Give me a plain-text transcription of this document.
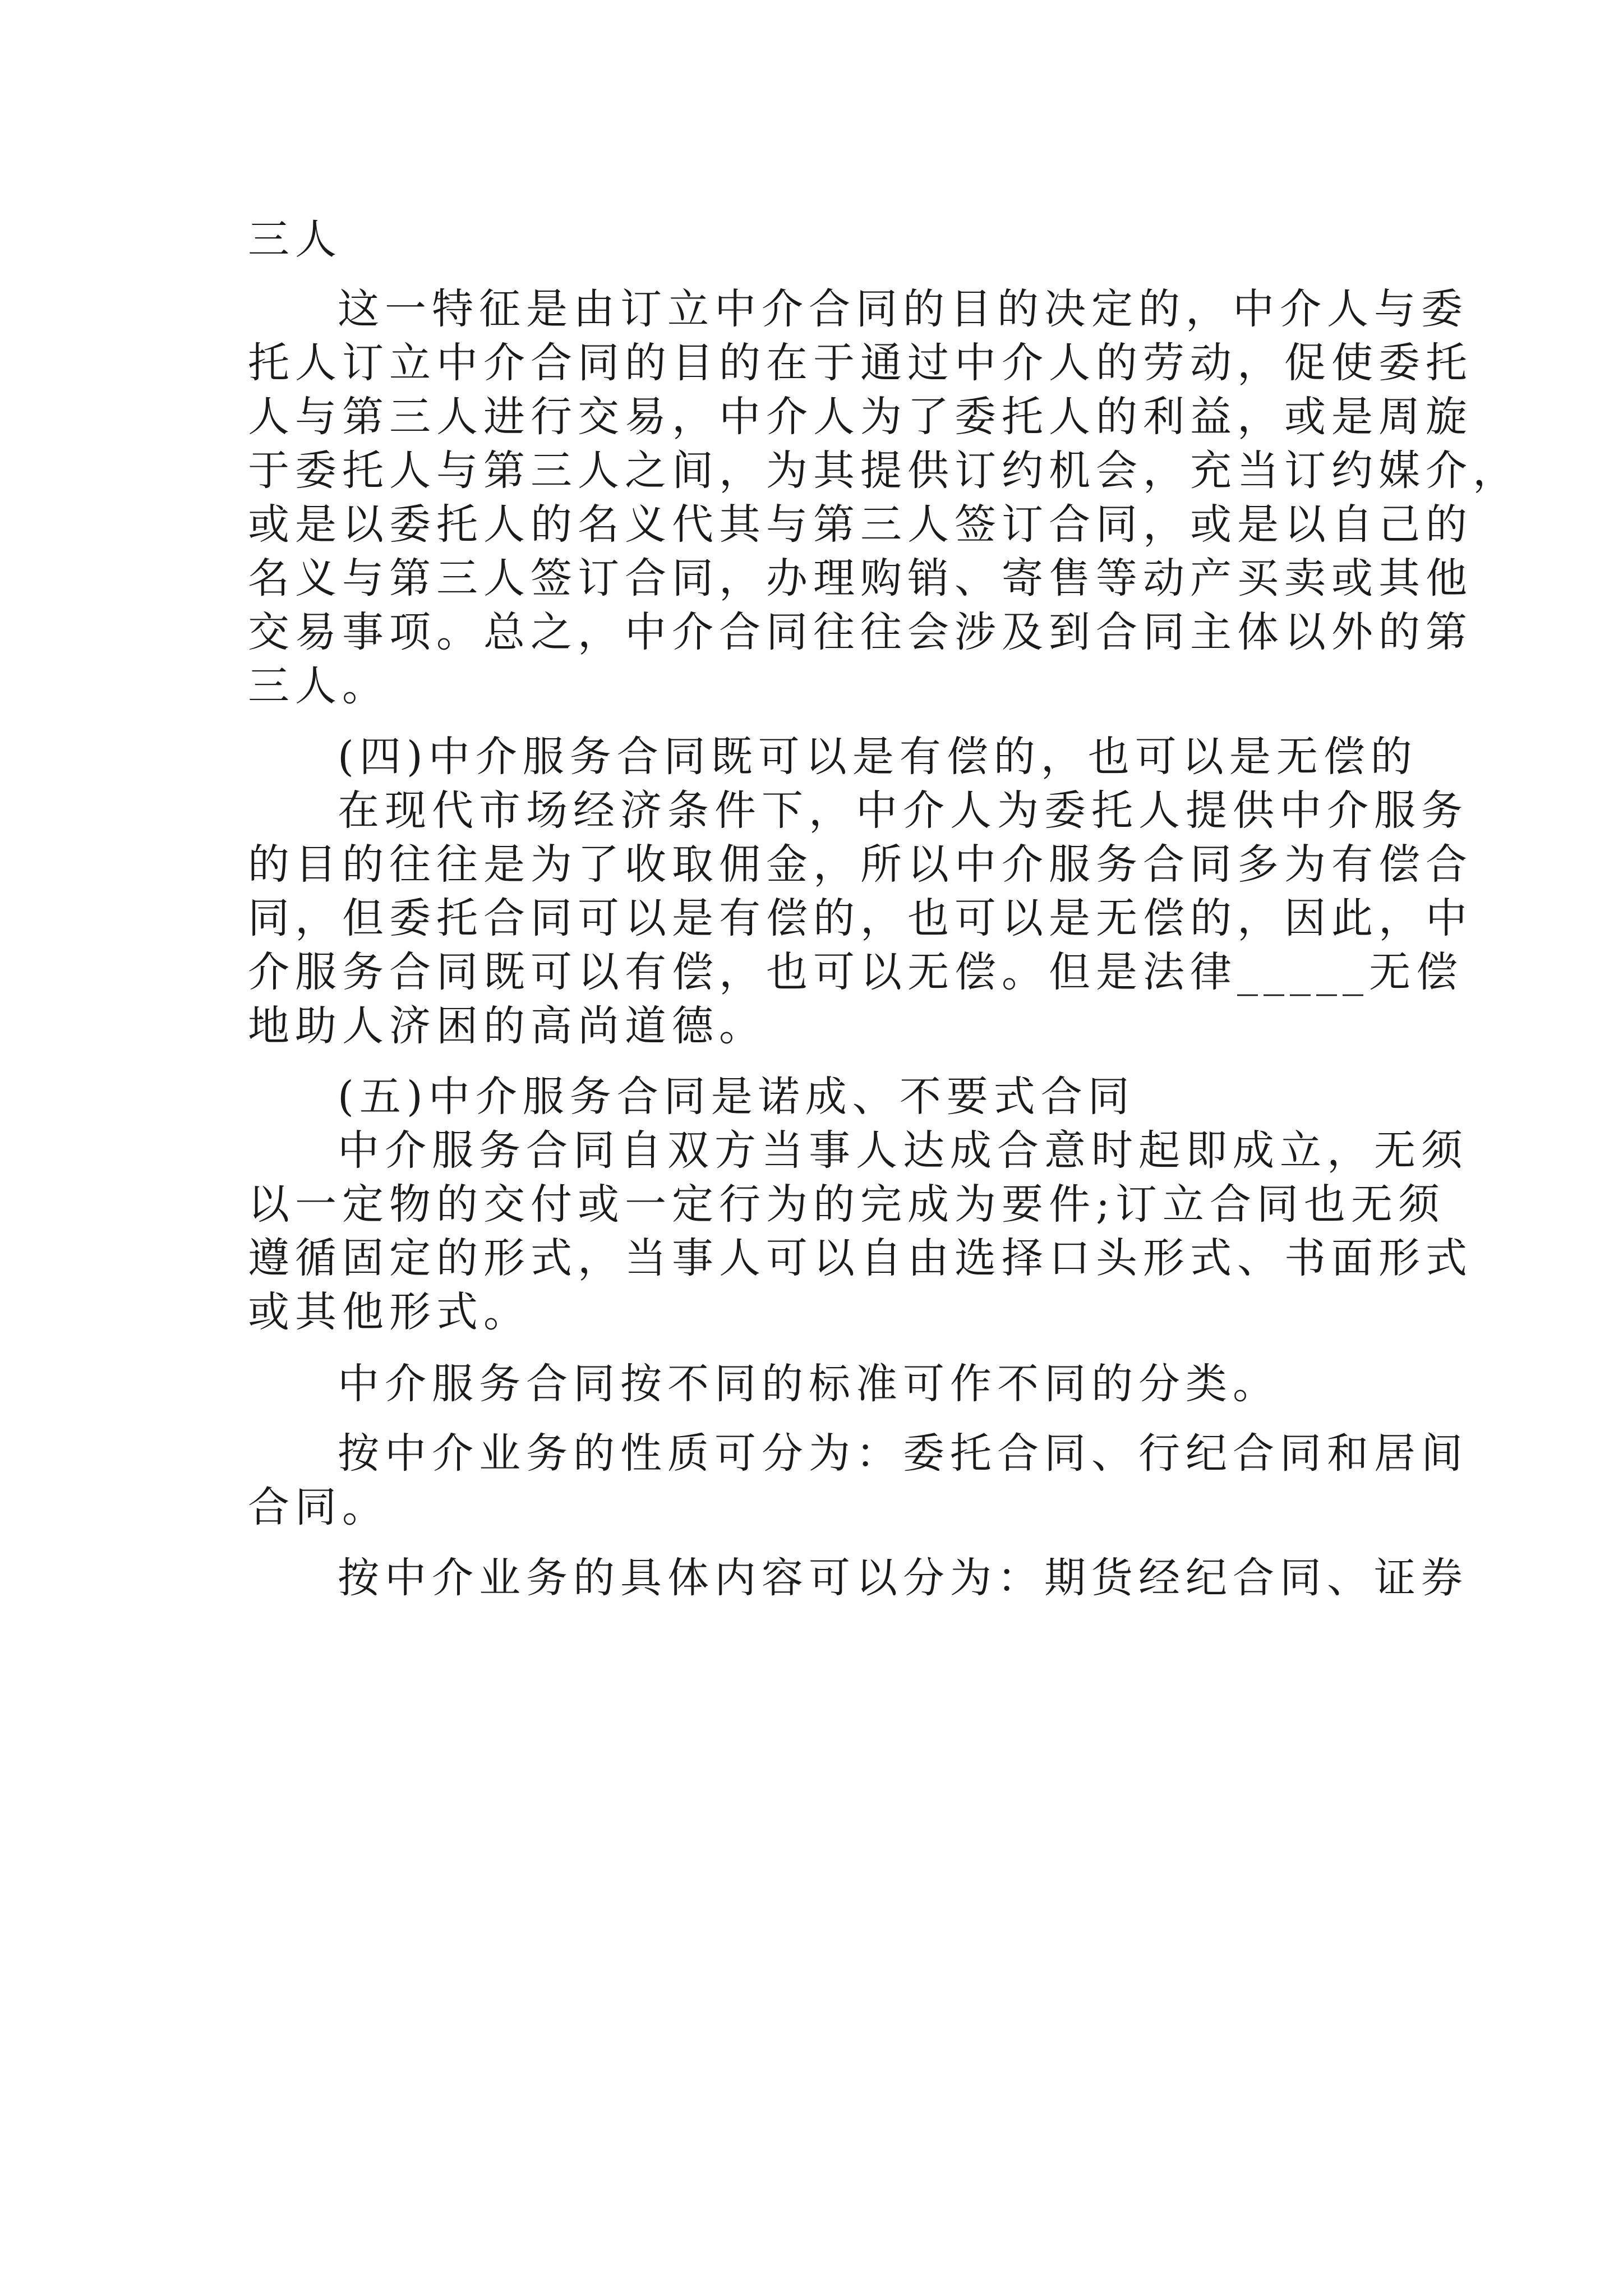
三人
这一特征是由订立中介合同的目的决定的，中介人与委
托人订立中介合同的目的在于通过中介人的劳动，促使委托
人与第三人进行交易，中介人为了委托人的利益，或是周旋
于委托人与第三人之间，为其提供订约机会，充当订约媒介，
或是以委托人的名义代其与第三人签订合同，或是以自己的
名义与第三人签订合同，办理购销、寄售等动产买卖或其他
交易事项。总之，中介合同往往会涉及到合同主体以外的第
三人。
(四)中介服务合同既可以是有偿的，也可以是无偿的
在现代市场经济条件下，中介人为委托人提供中介服务
的目的往往是为了收取佣金，所以中介服务合同多为有偿合
同，但委托合同可以是有偿的，也可以是无偿的，因此，中
介服务合同既可以有偿，也可以无偿。但是法律_____无偿
地助人济困的高尚道德。
(五)中介服务合同是诺成、不要式合同
中介服务合同自双方当事人达成合意时起即成立，无须
以一定物的交付或一定行为的完成为要件;订立合同也无须
遵循固定的形式，当事人可以自由选择口头形式、书面形式
或其他形式。
中介服务合同按不同的标准可作不同的分类。
按中介业务的性质可分为：委托合同、行纪合同和居间
合同。
按中介业务的具体内容可以分为：期货经纪合同、证券
